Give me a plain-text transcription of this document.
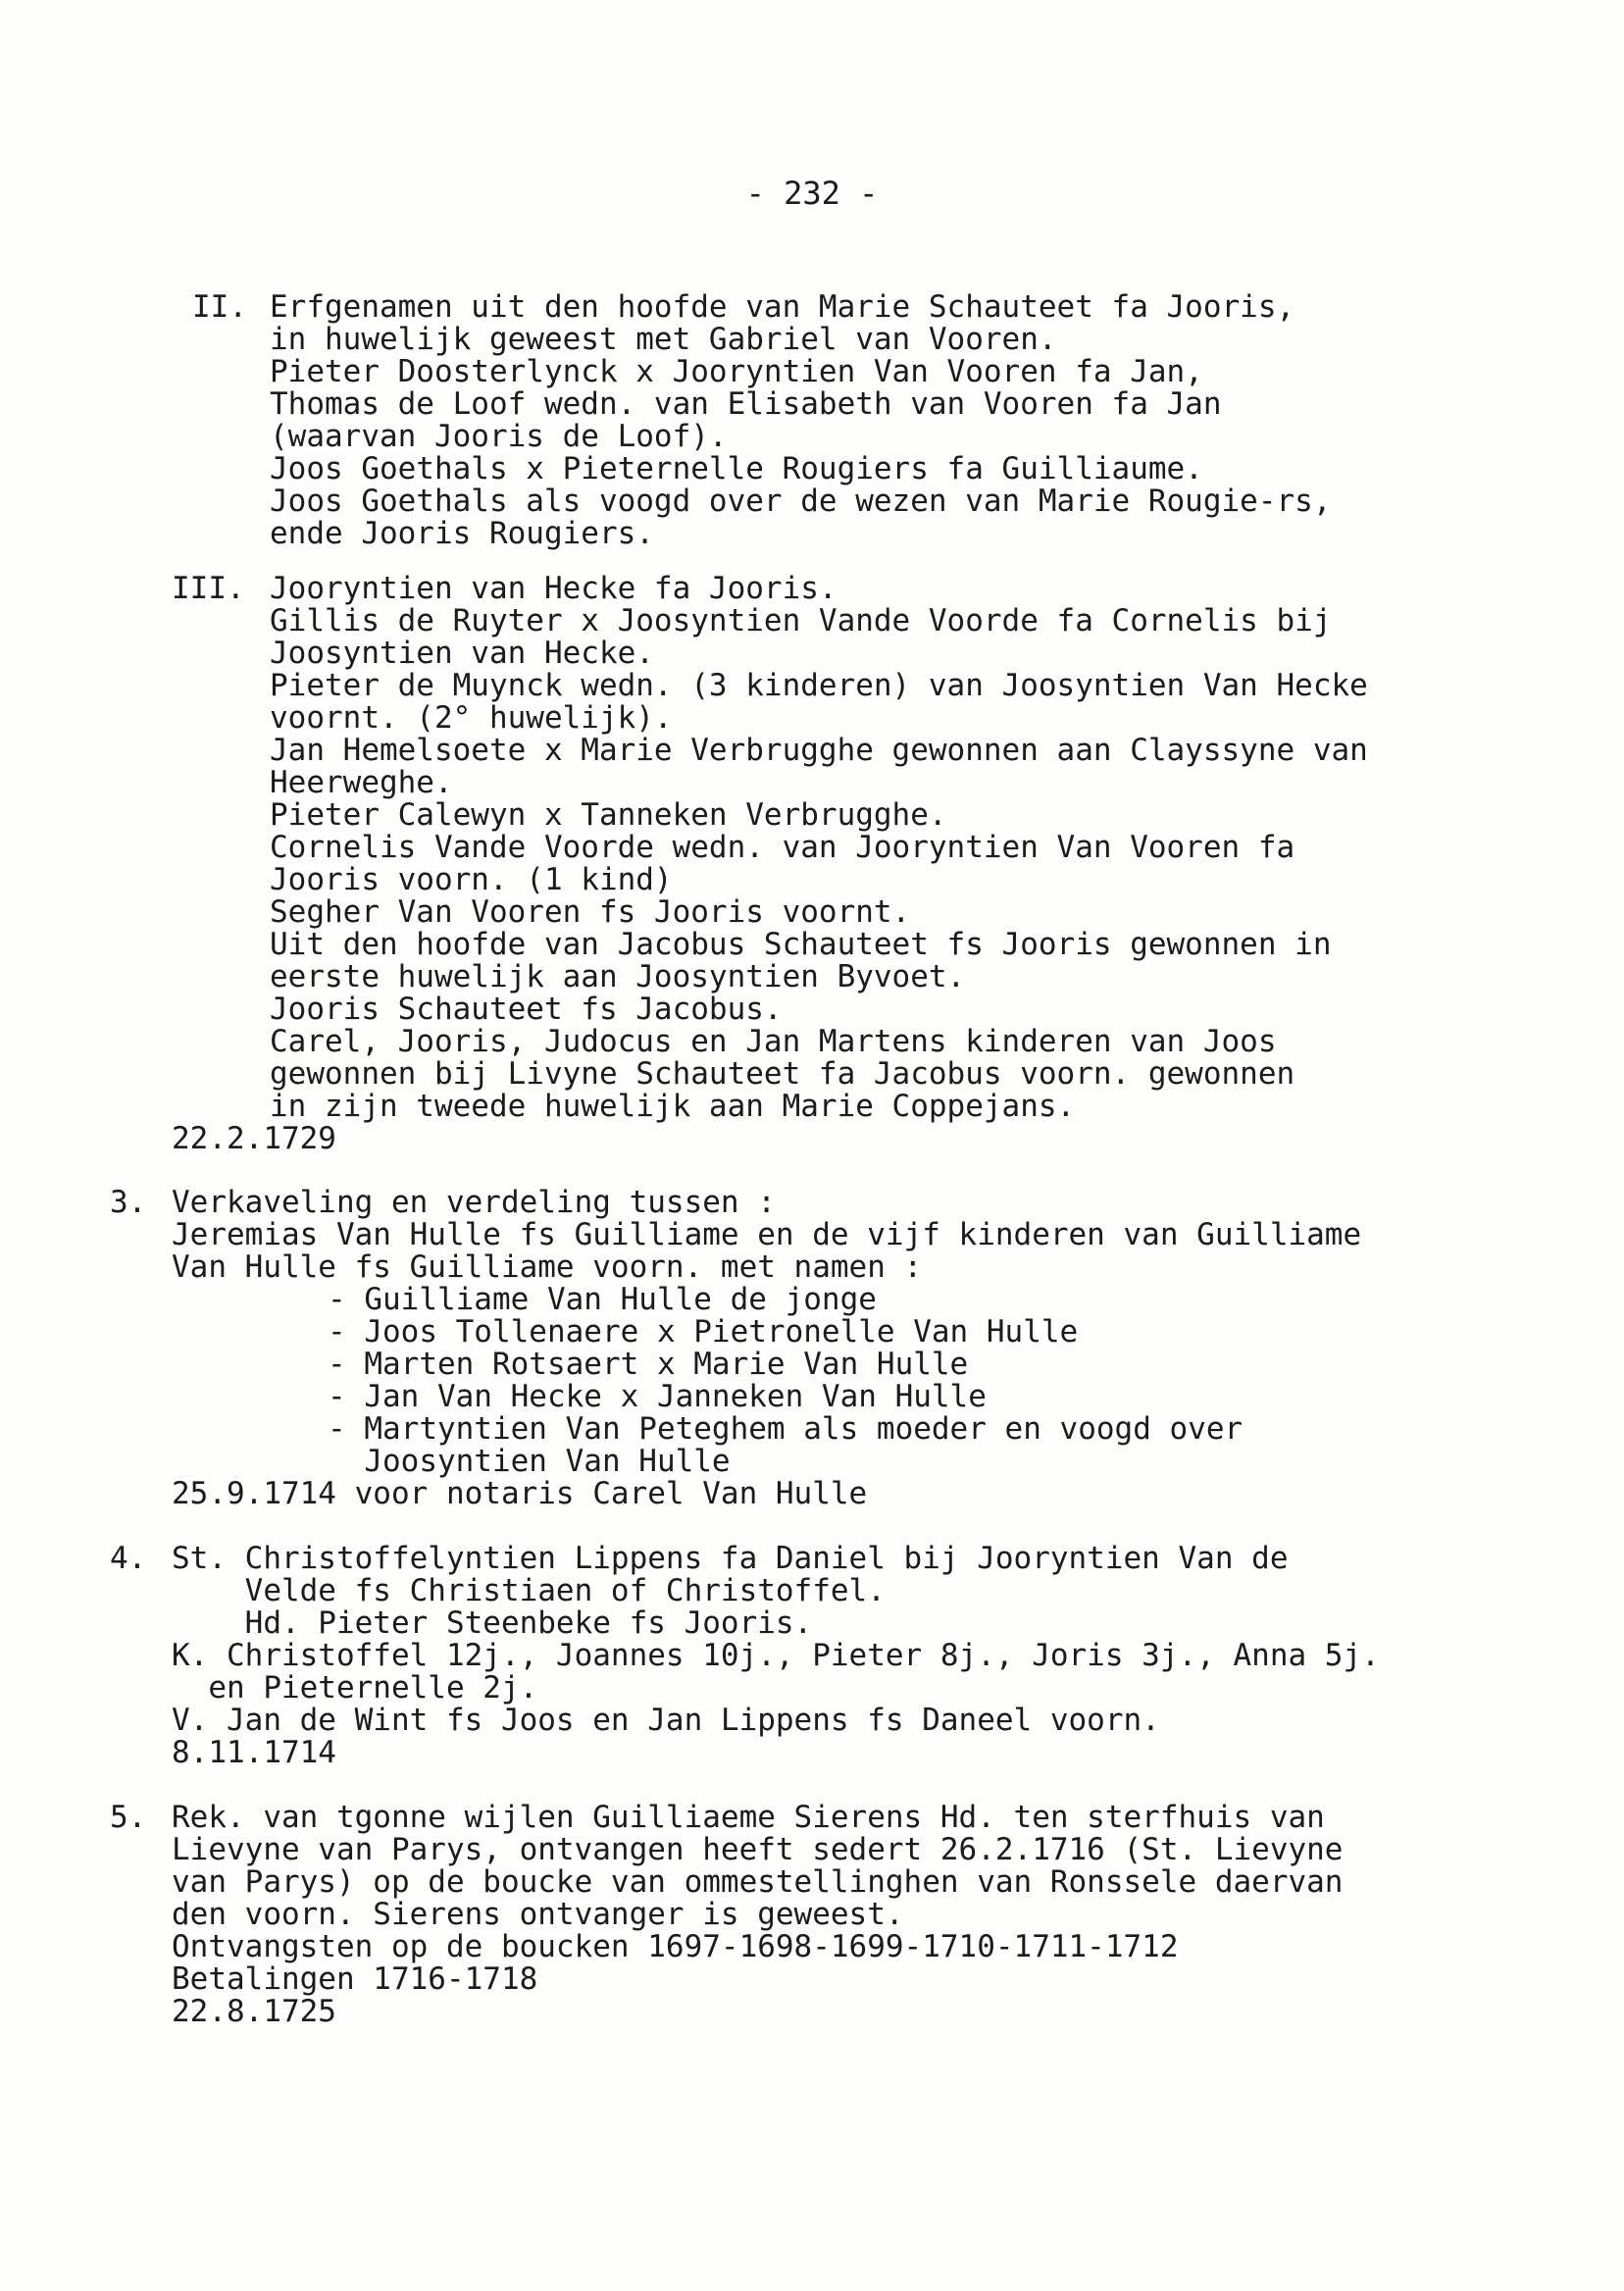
- 232 -
II. Erfgenamen uit den hoofde van Marie Schauteet fa Jooris,
in huwelijk geweest met Gabriel van Vooren.
Pieter Doosterlynck x Jooryntien Van Vooren fa Jan,
Thomas de Loof wedn. van Elisabeth van Vooren fa Jan
(waarvan Jooris de Loof).
Joos Goethals x Pieternelle Rougiers fa Guilliaume.
Joos Goethals als voogd over de wezen van Marie Rougie-rs,
ende Jooris Rougiers.
III. Jooryntien van Hecke fa Jooris.
Gillis de Ruyter x Joosyntien Vande Voorde fa Cornelis bij
Joosyntien van Hecke.
Pieter de Muynck wedn. (3 kinderen) van Joosyntien Van Hecke
voornt. (2° huwelijk).
Jan Hemelsoete x Marie Verbrugghe gewonnen aan Clayssyne van
Heerweghe.
Pieter Calewyn x Tanneken Verbrugghe.
Cornelis Vande Voorde wedn. van Jooryntien Van Vooren fa
Jooris voorn. (1 kind)
Segher Van Vooren fs Jooris voornt.
Uit den hoofde van Jacobus Schauteet fs Jooris gewonnen in
eerste huwelijk aan Joosyntien Byvoet.
Jooris Schauteet fs Jacobus.
Carel, Jooris, Judocus en Jan Martens kinderen van Joos
gewonnen bij Livyne Schauteet fa Jacobus voorn. gewonnen
in zijn tweede huwelijk aan Marie Coppejans.
22.2.1729
3. Verkaveling en verdeling tussen :
Jeremias Van Hulle fs Guilliame en de vijf kinderen van Guilliame
Van Hulle fs Guilliame voorn. met namen :
- Guilliame Van Hulle de jonge
- Joos Tollenaere x Pietronelle Van Hulle
- Marten Rotsaert x Marie Van Hulle
- Jan Van Hecke x Janneken Van Hulle
- Martyntien Van Peteghem als moeder en voogd over
Joosyntien Van Hulle
25.9.1714 voor notaris Carel Van Hulle
4. St. Christoffelyntien Lippens fa Daniel bij Jooryntien Van de
Velde fs Christiaen of Christoffel.
Hd. Pieter Steenbeke fs Jooris.
K. Christoffel 12j., Joannes 10j., Pieter 8j., Joris 3j., Anna 5j.
en Pieternelle 2j.
V. Jan de Wint fs Joos en Jan Lippens fs Daneel voorn.
8.11.1714
5. Rek. van tgonne wijlen Guilliaeme Sierens Hd. ten sterfhuis van
Lievyne van Parys, ontvangen heeft sedert 26.2.1716 (St. Lievyne
van Parys) op de boucke van ommestellinghen van Ronssele daervan
den voorn. Sierens ontvanger is geweest.
Ontvangsten op de boucken 1697-1698-1699-1710-1711-1712
Betalingen 1716-1718
22.8.1725
